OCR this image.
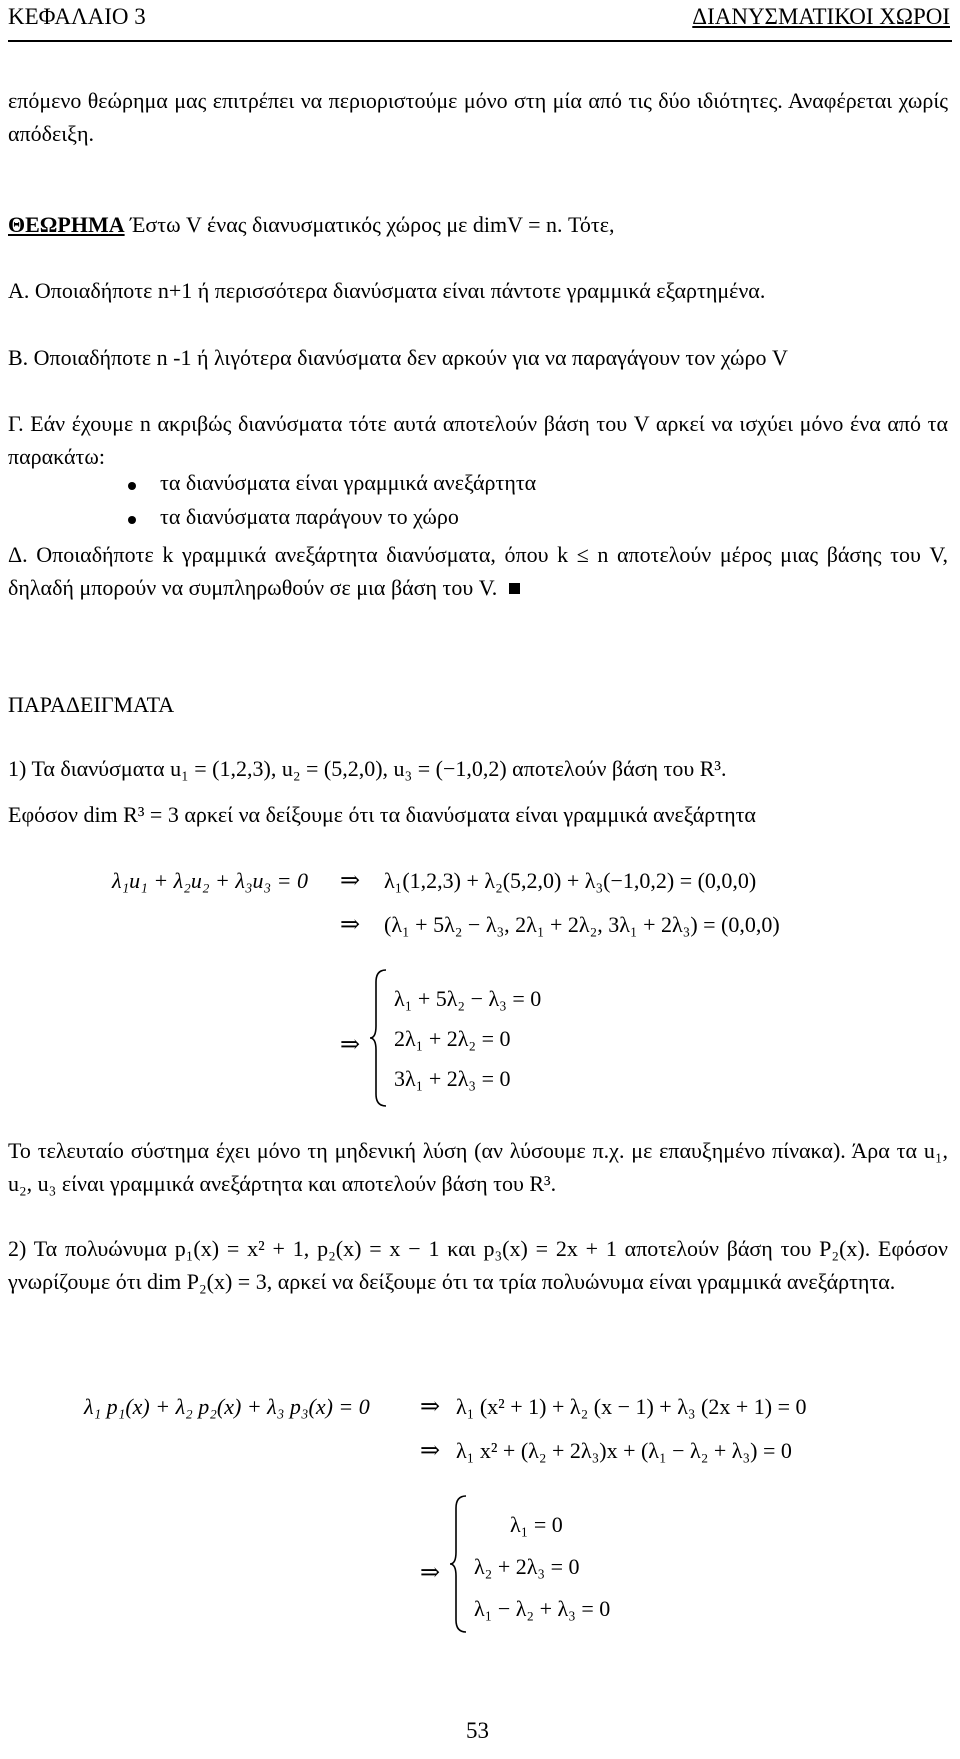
ΚΕΦΑΛΑΙΟ 3	ΔΙΑΝΥΣΜΑΤΙΚΟΙ ΧΩΡΟΙ
επόμενο θεώρημα μας επιτρέπει να περιοριστούμε μόνο στη μία από τις δύο ιδιότητες. Αναφέρεται χωρίς απόδειξη.
ΘΕΩΡΗΜΑ Έστω V ένας διανυσματικός χώρος με dimV = n. Τότε,
Α. Οποιαδήποτε n+1 ή περισσότερα διανύσματα είναι πάντοτε γραμμικά εξαρτημένα.
Β. Οποιαδήποτε n -1 ή λιγότερα διανύσματα δεν αρκούν για να παραγάγουν τον χώρο V
Γ. Εάν έχουμε n ακριβώς διανύσματα τότε αυτά αποτελούν βάση του V αρκεί να ισχύει μόνο ένα από τα παρακάτω:
τα διανύσματα είναι γραμμικά ανεξάρτητα
τα διανύσματα παράγουν το χώρο
Δ. Οποιαδήποτε k γραμμικά ανεξάρτητα διανύσματα, όπου k ≤ n αποτελούν μέρος μιας βάσης του V, δηλαδή μπορούν να συμπληρωθούν σε μια βάση του V.
ΠΑΡΑΔΕΙΓΜΑΤΑ
1) Τα διανύσματα u₁ = (1,2,3), u₂ = (5,2,0), u₃ = (−1,0,2) αποτελούν βάση του R³.
Εφόσον dim R³ = 3 αρκεί να δείξουμε ότι τα διανύσματα είναι γραμμικά ανεξάρτητα
λ₁u₁ + λ₂u₂ + λ₃u₃ = 0 ⇒ λ₁(1,2,3) + λ₂(5,2,0) + λ₃(−1,0,2) = (0,0,0)
⇒ (λ₁ + 5λ₂ − λ₃, 2λ₁ + 2λ₂, 3λ₁ + 2λ₃) = (0,0,0)
⇒
λ₁ + 5λ₂ − λ₃ = 0
2λ₁ + 2λ₂ = 0
3λ₁ + 2λ₃ = 0
Το τελευταίο σύστημα έχει μόνο τη μηδενική λύση (αν λύσουμε π.χ. με επαυξημένο πίνακα). Άρα τα u₁, u₂, u₃ είναι γραμμικά ανεξάρτητα και αποτελούν βάση του R³.
2) Τα πολυώνυμα p₁(x) = x² + 1, p₂(x) = x − 1 και p₃(x) = 2x + 1 αποτελούν βάση του P₂(x). Εφόσον γνωρίζουμε ότι dim P₂(x) = 3, αρκεί να δείξουμε ότι τα τρία πολυώνυμα είναι γραμμικά ανεξάρτητα.
λ₁ p₁(x) + λ₂ p₂(x) + λ₃ p₃(x) = 0 ⇒ λ₁ (x² + 1) + λ₂ (x − 1) + λ₃ (2x + 1) = 0
⇒ λ₁ x² + (λ₂ + 2λ₃)x + (λ₁ − λ₂ + λ₃) = 0
⇒
λ₁ = 0
λ₂ + 2λ₃ = 0
λ₁ − λ₂ + λ₃ = 0
53
